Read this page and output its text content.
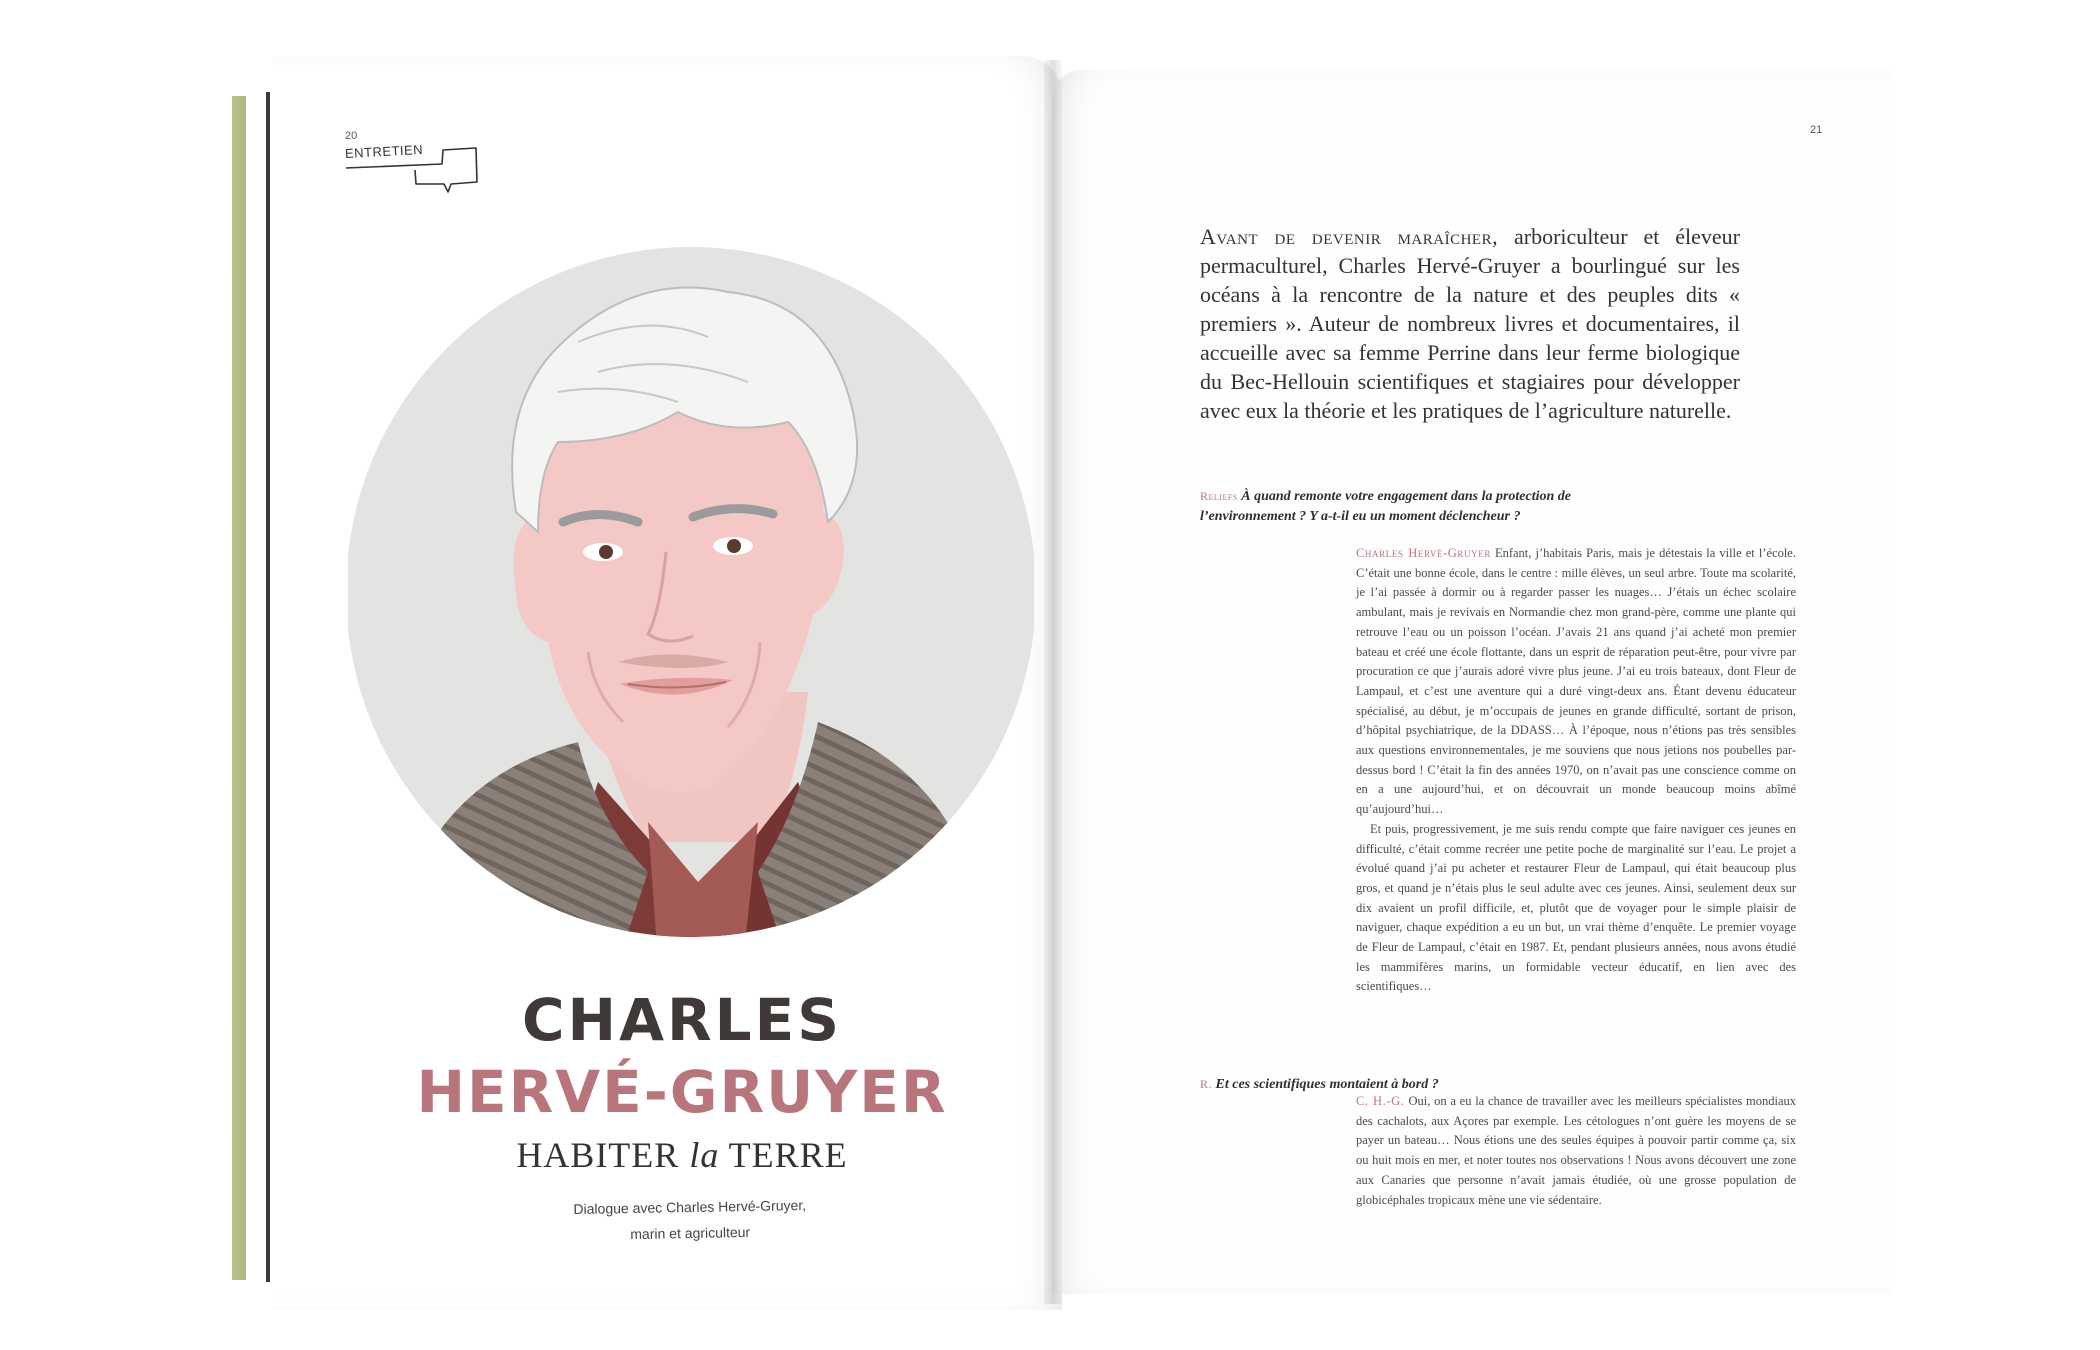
20
ENTRETIEN
CHARLES
HERVÉ-GRUYER
HABITER la TERRE
Dialogue avec Charles Hervé-Gruyer,
marin et agriculteur
21
Avant de devenir maraîcher, arboriculteur et éleveur permaculturel, Charles Hervé-Gruyer a bourlingué sur les océans à la rencontre de la nature et des peuples dits « premiers ». Auteur de nombreux livres et documentaires, il accueille avec sa femme Perrine dans leur ferme biologique du Bec-Hellouin scientifiques et stagiaires pour développer avec eux la théorie et les pratiques de l’agriculture naturelle.
Reliefs À quand remonte votre engagement dans la protection de l’environnement ? Y a-t-il eu un moment déclencheur ?

Charles Hervé-Gruyer Enfant, j’habitais Paris, mais je détestais la ville et l’école. C’était une bonne école, dans le centre : mille élèves, un seul arbre. Toute ma scolarité, je l’ai passée à dormir ou à regarder passer les nuages… J’étais un échec scolaire ambulant, mais je revivais en Normandie chez mon grand-père, comme une plante qui retrouve l’eau ou un poisson l’océan. J’avais 21 ans quand j’ai acheté mon premier bateau et créé une école flottante, dans un esprit de réparation peut-être, pour vivre par procuration ce que j’aurais adoré vivre plus jeune. J’ai eu trois bateaux, dont Fleur de Lampaul, et c’est une aventure qui a duré vingt-deux ans. Étant devenu éducateur spécialisé, au début, je m’occupais de jeunes en grande difficulté, sortant de prison, d’hôpital psychiatrique, de la DDASS… À l’époque, nous n’étions pas très sensibles aux questions environnementales, je me souviens que nous jetions nos poubelles par-dessus bord ! C’était la fin des années 1970, on n’avait pas une conscience comme on en a une aujourd’hui, et on découvrait un monde beaucoup moins abîmé qu’aujourd’hui…

Et puis, progressivement, je me suis rendu compte que faire naviguer ces jeunes en difficulté, c’était comme recréer une petite poche de marginalité sur l’eau. Le projet a évolué quand j’ai pu acheter et restaurer Fleur de Lampaul, qui était beaucoup plus gros, et quand je n’étais plus le seul adulte avec ces jeunes. Ainsi, seulement deux sur dix avaient un profil difficile, et, plutôt que de voyager pour le simple plaisir de naviguer, chaque expédition a eu un but, un vrai thème d’enquête. Le premier voyage de Fleur de Lampaul, c’était en 1987. Et, pendant plusieurs années, nous avons étudié les mammifères marins, un formidable vecteur éducatif, en lien avec des scientifiques…

R. Et ces scientifiques montaient à bord ?

C. H.-G. Oui, on a eu la chance de travailler avec les meilleurs spécialistes mondiaux des cachalots, aux Açores par exemple. Les cétologues n’ont guère les moyens de se payer un bateau… Nous étions une des seules équipes à pouvoir partir comme ça, six ou huit mois en mer, et noter toutes nos observations ! Nous avons découvert une zone aux Canaries que personne n’avait jamais étudiée, où une grosse population de globicéphales tropicaux mène une vie sédentaire.
